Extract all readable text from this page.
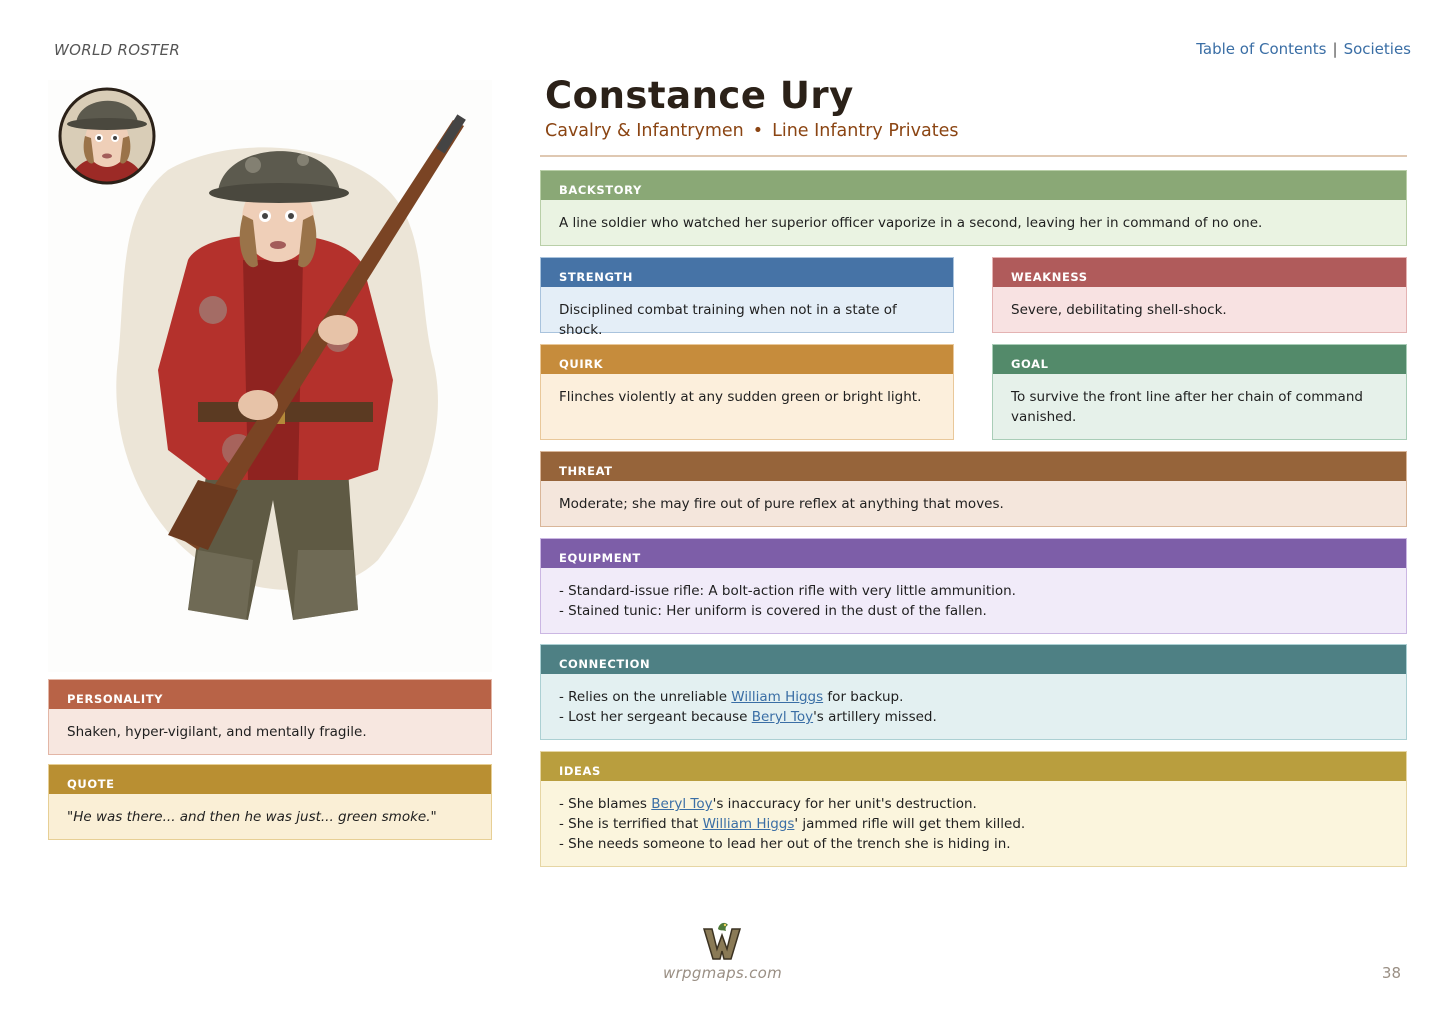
WORLD ROSTER	Table of Contents | Societies
Constance Ury
Cavalry & Infantrymen • Line Infantry Privates
BACKSTORY
A line soldier who watched her superior officer vaporize in a second, leaving her in command of no one.
STRENGTH
Disciplined combat training when not in a state of shock.
WEAKNESS
Severe, debilitating shell-shock.
QUIRK
Flinches violently at any sudden green or bright light.
GOAL
To survive the front line after her chain of command vanished.
THREAT
Moderate; she may fire out of pure reflex at anything that moves.
EQUIPMENT
- Standard-issue rifle: A bolt-action rifle with very little ammunition.
- Stained tunic: Her uniform is covered in the dust of the fallen.
CONNECTION
- Relies on the unreliable William Higgs for backup.
- Lost her sergeant because Beryl Toy's artillery missed.
IDEAS
- She blames Beryl Toy's inaccuracy for her unit's destruction.
- She is terrified that William Higgs' jammed rifle will get them killed.
- She needs someone to lead her out of the trench she is hiding in.
PERSONALITY
Shaken, hyper-vigilant, and mentally fragile.
QUOTE
"He was there... and then he was just... green smoke."
wrpgmaps.com	38
